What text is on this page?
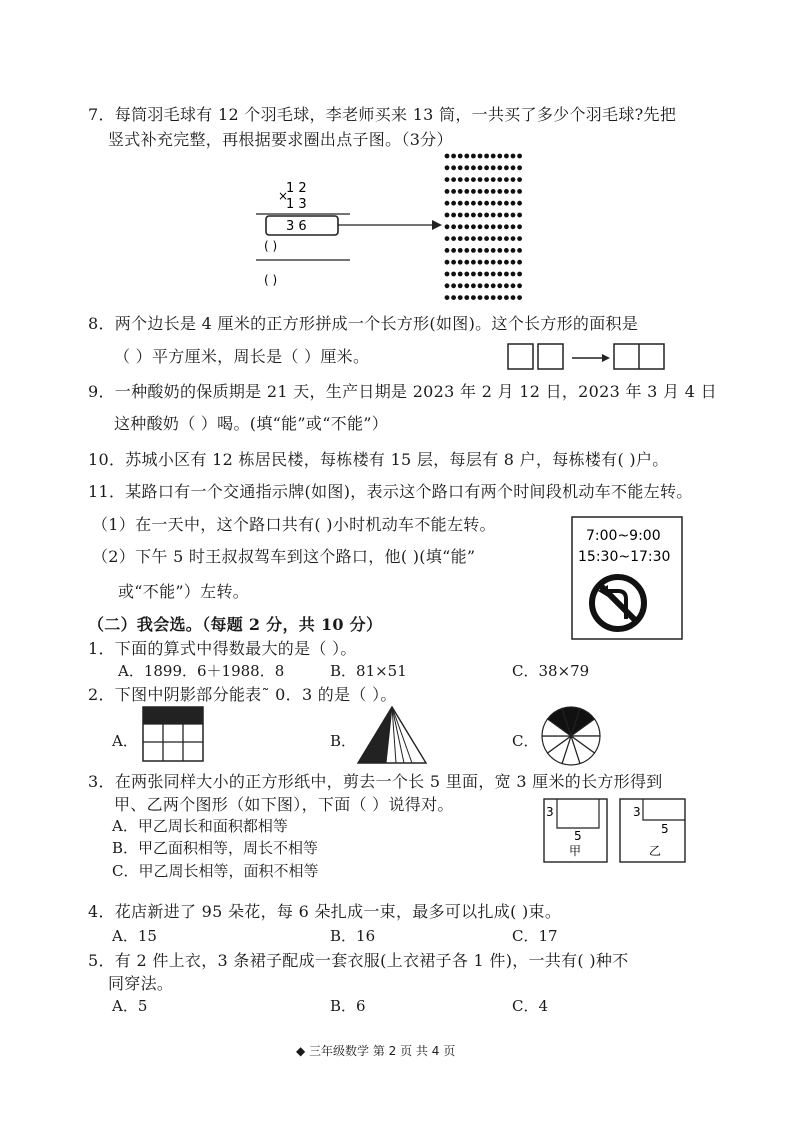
7．每筒羽毛球有 12 个羽毛球，李老师买来 13 筒，一共买了多少个羽毛球?先把
竖式补充完整，再根据要求圈出点子图。（3分）
×
1 2
1 3
3 6
( )
( )
8．两个边长是 4 厘米的正方形拼成一个长方形(如图)。这个长方形的面积是
（ ）平方厘米，周长是（ ）厘米。
9．一种酸奶的保质期是 21 天，生产日期是 2023 年 2 月 12 日，2023 年 3 月 4 日
这种酸奶（ ）喝。(填“能”或“不能”）
10．苏城小区有 12 栋居民楼，每栋楼有 15 层，每层有 8 户，每栋楼有( )户。
11．某路口有一个交通指示牌(如图)，表示这个路口有两个时间段机动车不能左转。
（1）在一天中，这个路口共有( )小时机动车不能左转。
（2）下午 5 时王叔叔驾车到这个路口，他( )(填“能”
或“不能”）左转。
7:00~9:00
15:30~17:30
（二）我会选。（每题 2 分，共 10 分）
1．下面的算式中得数最大的是（ ）。
A．1899．6＋1988．8	B．81×51	C．38×79
2．下图中阴影部分能表˜ 0．3 的是（ ）。
A．	B．	C．
3．在两张同样大小的正方形纸中，剪去一个长 5 里面，宽 3 厘米的长方形得到
甲、乙两个图形（如下图），下面（ ）说得对。
A．甲乙周长和面积都相等
B．甲乙面积相等，周长不相等
C．甲乙周长相等，面积不相等
3
5
甲
3
5
乙
4．花店新进了 95 朵花，每 6 朵扎成一束，最多可以扎成( )束。
A．15	B．16	C．17
5．有 2 件上衣，3 条裙子配成一套衣服(上衣裙子各 1 件)，一共有( )种不
同穿法。
A．5	B．6	C．4
◆ 三年级数学 第 2 页 共 4 页
